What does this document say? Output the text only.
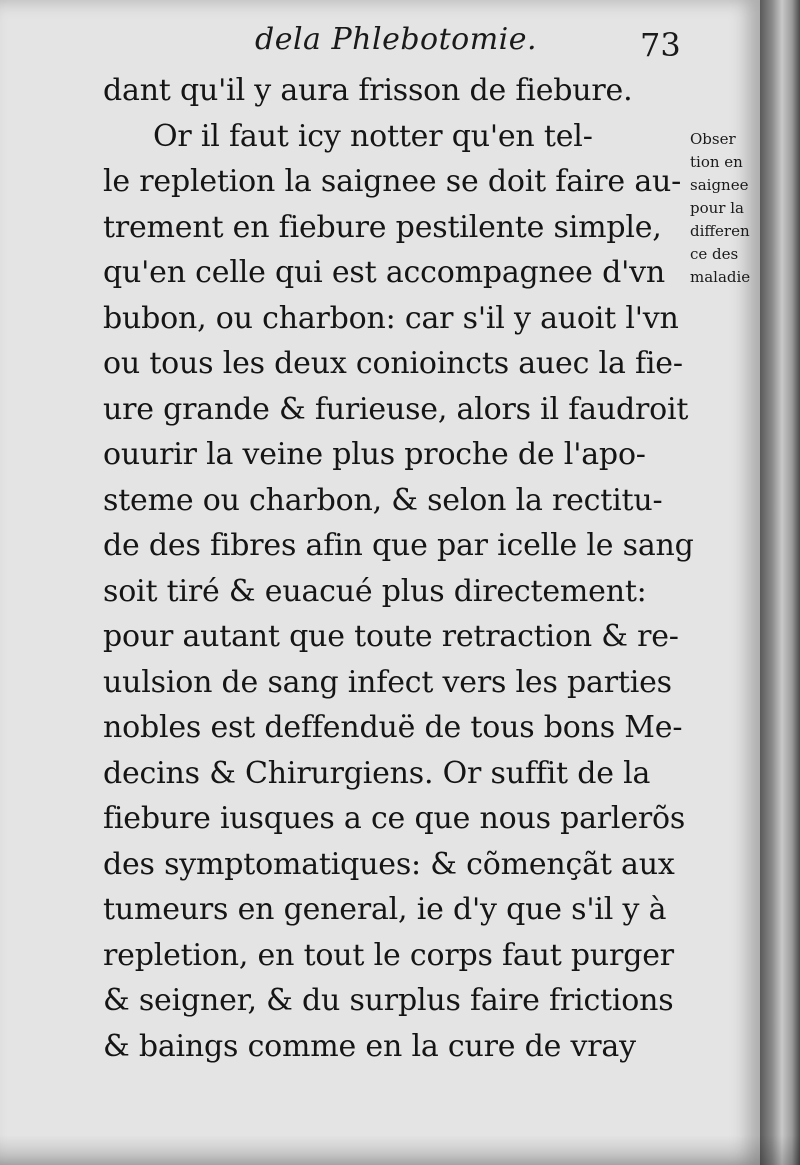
dela Phlebotomie.	73
dant qu'il y aura frisson de fiebure.
Or il faut icy notter qu'en tel-
le repletion la saignee se doit faire au-
trement en fiebure pestilente simple,
qu'en celle qui est accompagnee d'vn
bubon, ou charbon: car s'il y auoit l'vn
ou tous les deux conioincts auec la fie-
ure grande & furieuse, alors il faudroit
ouurir la veine plus proche de l'apo-
steme ou charbon, & selon la rectitu-
de des fibres afin que par icelle le sang
soit tiré & euacué plus directement:
pour autant que toute retraction & re-
uulsion de sang infect vers les parties
nobles est deffenduë de tous bons Me-
decins & Chirurgiens. Or suffit de la
fiebure iusques a ce que nous parlerõs
des symptomatiques: & cõmençãt aux
tumeurs en general, ie d'y que s'il y à
repletion, en tout le corps faut purger
& seigner, & du surplus faire frictions
& baings comme en la cure de vray
Obser
tion en
saignee
pour la
differen
ce des
maladie
